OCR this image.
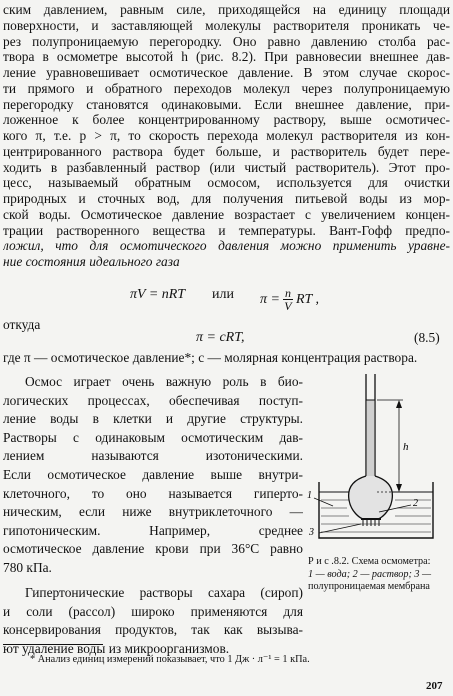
ским давлением, равным силе, приходящейся на единицу площади
поверхности, и заставляющей молекулы растворителя проникать че-
рез полупроницаемую перегородку. Оно равно давлению столба рас-
твора в осмометре высотой h (рис. 8.2). При равновесии внешнее дав-
ление уравновешивает осмотическое давление. В этом случае скорос-
ти прямого и обратного переходов молекул через полупроницаемую
перегородку становятся одинаковыми. Если внешнее давление, при-
ложенное к более концентрированному раствору, выше осмотичес-
кого π, т.е. p > π, то скорость перехода молекул растворителя из кон-
центрированного раствора будет больше, и растворитель будет пере-
ходить в разбавленный раствор (или чистый растворитель). Этот про-
цесс, называемый обратным осмосом, используется для очистки
природных и сточных вод, для получения питьевой воды из мор-
ской воды. Осмотическое давление возрастает с увеличением концен-
трации растворенного вещества и температуры. Вант-Гофф предпо-
ложил, что для осмотического давления можно применить уравне-
ние состояния идеального газа
πV = nRT или $\pi = \frac{n}{V}$ RT ,
откуда
π = cRT,	(8.5)
где π — осмотическое давление*; c — молярная концентрация раствора.
Осмос играет очень важную роль в био-
логических процессах, обеспечивая поступ-
ление воды в клетки и другие структуры.
Растворы с одинаковым осмотическим дав-
лением называются изотоническими.
Если осмотическое давление выше внутри-
клеточного, то оно называется гиперто-
ническим, если ниже внутриклеточного —
гипотоническим. Например, среднее
осмотическое давление крови при 36°С равно
780 кПа.
Гипертонические растворы сахара (сироп)
и соли (рассол) широко применяются для
консервирования продуктов, так как вызыва-
ют удаление воды из микроорганизмов.
h
1
2
3
Р и с .8.2. Схема осмометра:
1 — вода; 2 — раствор; 3 —
полупроницаемая мембрана
* Анализ единиц измерений показывает, что 1 Дж · л⁻¹ = 1 кПа.
207
